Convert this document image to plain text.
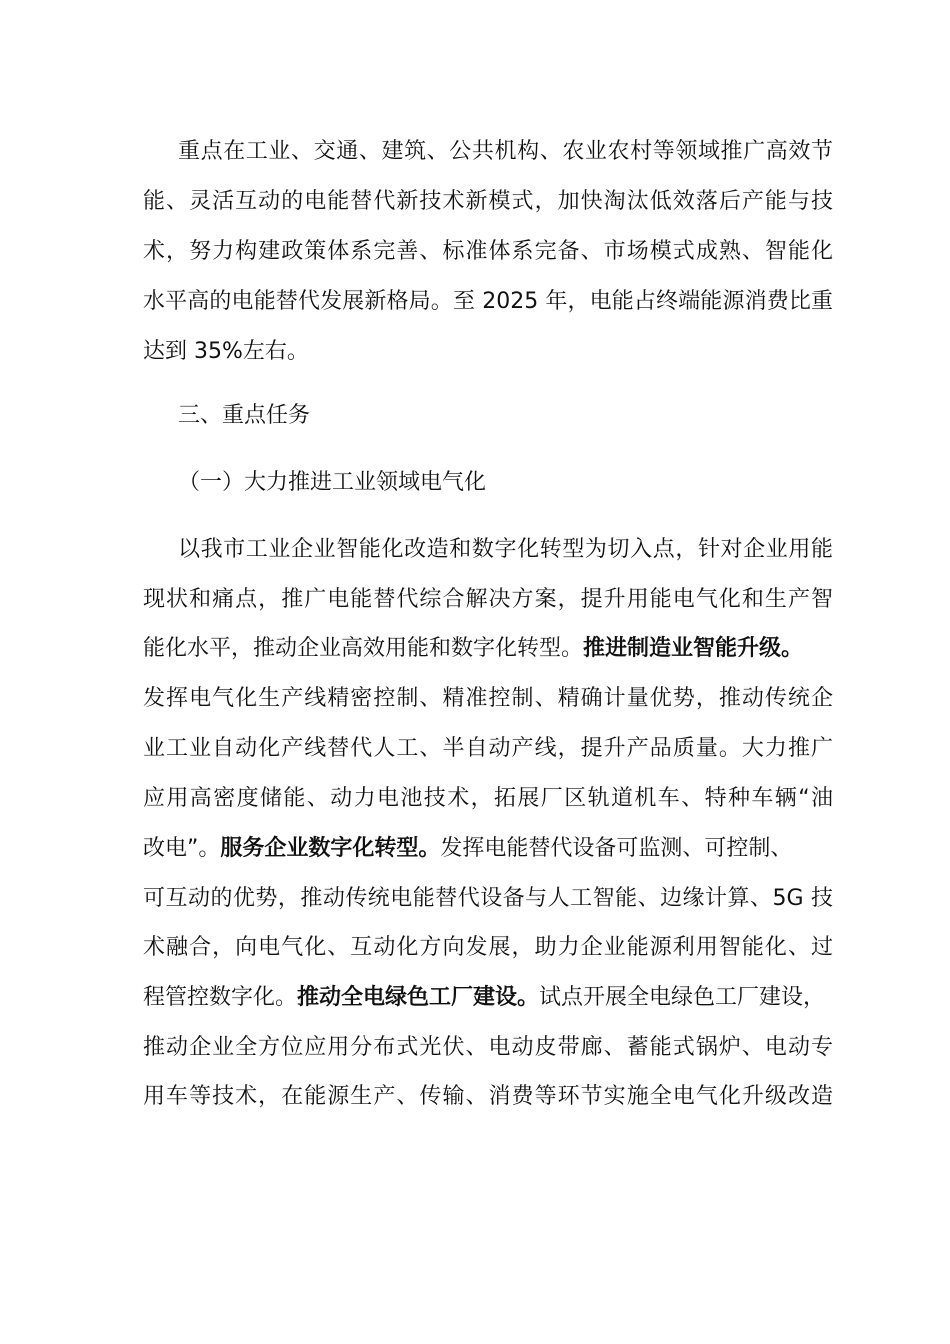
重点在工业、交通、建筑、公共机构、农业农村等领域推广高效节
能、灵活互动的电能替代新技术新模式，加快淘汰低效落后产能与技
术，努力构建政策体系完善、标准体系完备、市场模式成熟、智能化
水平高的电能替代发展新格局。至 2025 年，电能占终端能源消费比重
达到 35%左右。
三、重点任务
（一）大力推进工业领域电气化
以我市工业企业智能化改造和数字化转型为切入点，针对企业用能
现状和痛点，推广电能替代综合解决方案，提升用能电气化和生产智
能化水平，推动企业高效用能和数字化转型。推进制造业智能升级。
发挥电气化生产线精密控制、精准控制、精确计量优势，推动传统企
业工业自动化产线替代人工、半自动产线，提升产品质量。大力推广
应用高密度储能、动力电池技术，拓展厂区轨道机车、特种车辆“油
改电”。服务企业数字化转型。发挥电能替代设备可监测、可控制、
可互动的优势，推动传统电能替代设备与人工智能、边缘计算、5G 技
术融合，向电气化、互动化方向发展，助力企业能源利用智能化、过
程管控数字化。推动全电绿色工厂建设。试点开展全电绿色工厂建设，
推动企业全方位应用分布式光伏、电动皮带廊、蓄能式锅炉、电动专
用车等技术，在能源生产、传输、消费等环节实施全电气化升级改造
